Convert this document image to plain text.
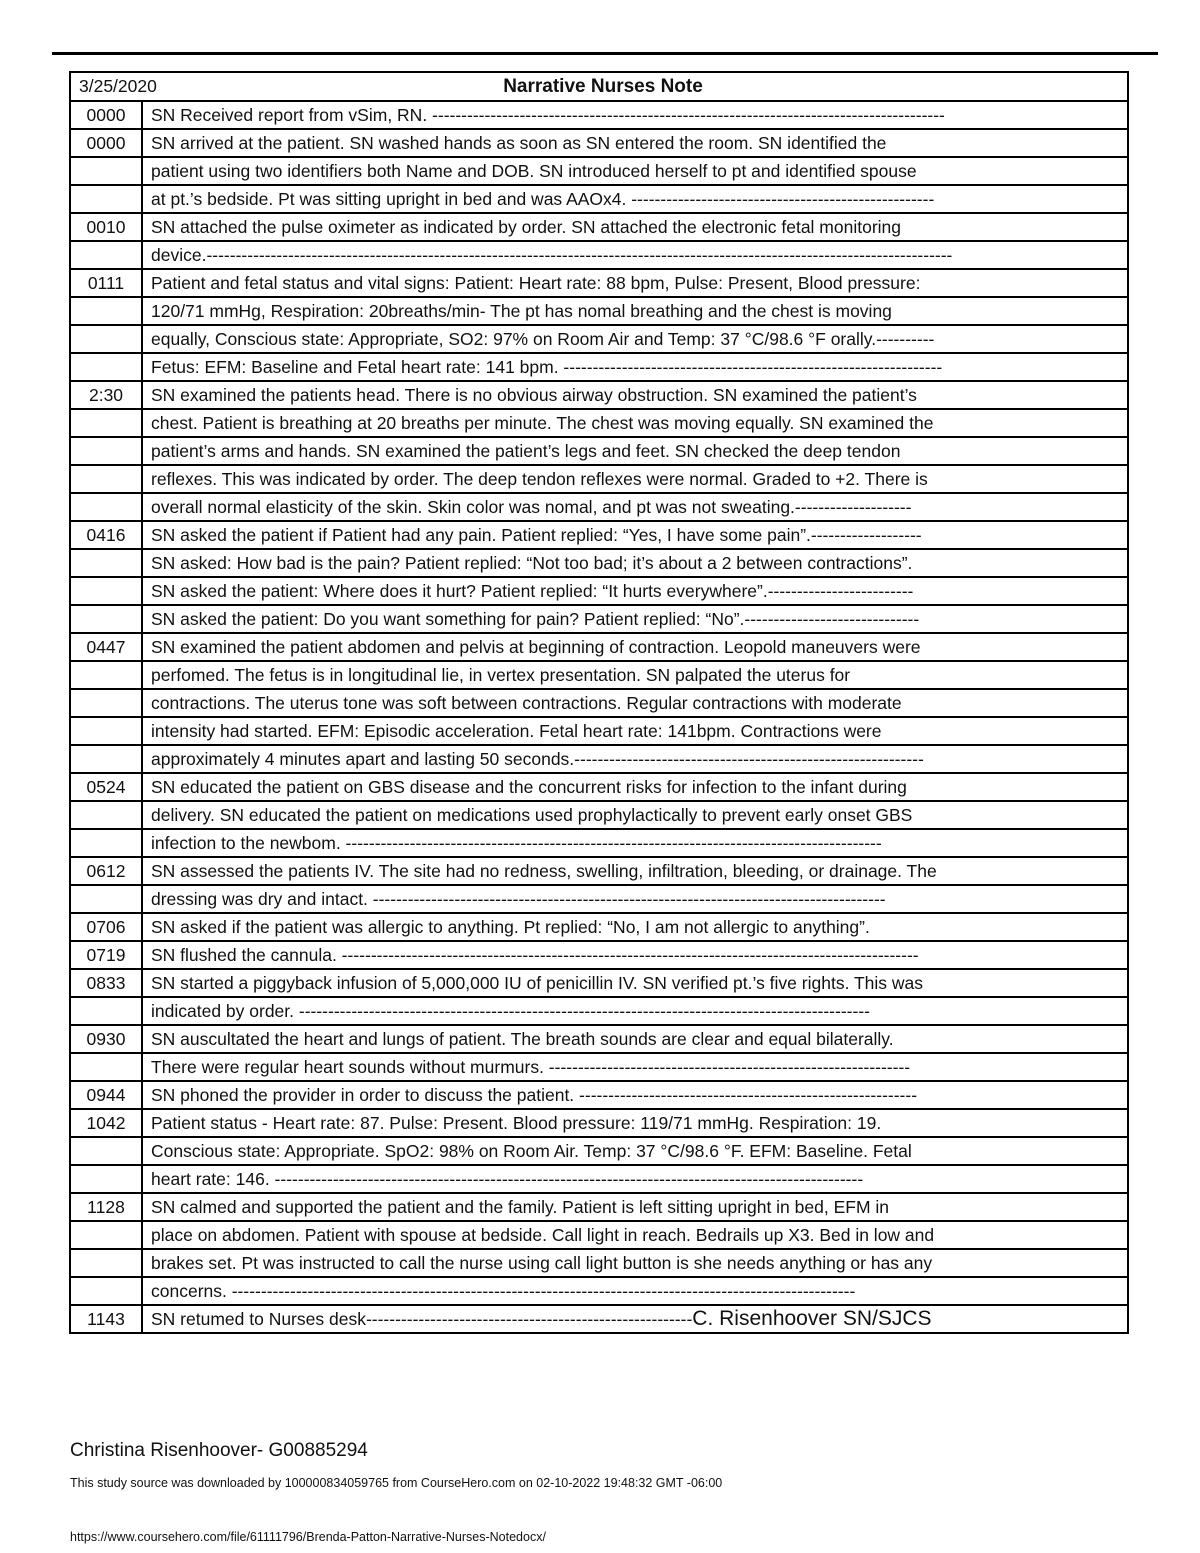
3/25/2020 Narrative Nurses Note	
0000	SN Received report from vSim, RN. ----------------------------------------------------------------------------------------
0000	SN arrived at the patient. SN washed hands as soon as SN entered the room. SN identified the
	patient using two identifiers both Name and DOB. SN introduced herself to pt and identified spouse
	at pt.’s bedside. Pt was sitting upright in bed and was AAOx4. ----------------------------------------------------
0010	SN attached the pulse oximeter as indicated by order. SN attached the electronic fetal monitoring
	device.--------------------------------------------------------------------------------------------------------------------------------
0111	Patient and fetal status and vital signs: Patient: Heart rate: 88 bpm, Pulse: Present, Blood pressure:
	120/71 mmHg, Respiration: 20breaths/min- The pt has nomal breathing and the chest is moving
	equally, Conscious state: Appropriate, SO2: 97% on Room Air and Temp: 37 °C/98.6 °F orally.----------
	Fetus: EFM: Baseline and Fetal heart rate: 141 bpm. -----------------------------------------------------------------
2:30	SN examined the patients head. There is no obvious airway obstruction. SN examined the patient’s
	chest. Patient is breathing at 20 breaths per minute. The chest was moving equally. SN examined the
	patient’s arms and hands. SN examined the patient’s legs and feet. SN checked the deep tendon
	reflexes. This was indicated by order. The deep tendon reflexes were normal. Graded to +2. There is
	overall normal elasticity of the skin. Skin color was nomal, and pt was not sweating.--------------------
0416	SN asked the patient if Patient had any pain. Patient replied: “Yes, I have some pain”.-------------------
	SN asked: How bad is the pain? Patient replied: “Not too bad; it’s about a 2 between contractions”.
	SN asked the patient: Where does it hurt? Patient replied: “It hurts everywhere”.-------------------------
	SN asked the patient: Do you want something for pain? Patient replied: “No”.------------------------------
0447	SN examined the patient abdomen and pelvis at beginning of contraction. Leopold maneuvers were
	perfomed. The fetus is in longitudinal lie, in vertex presentation. SN palpated the uterus for
	contractions. The uterus tone was soft between contractions. Regular contractions with moderate
	intensity had started. EFM: Episodic acceleration. Fetal heart rate: 141bpm. Contractions were
	approximately 4 minutes apart and lasting 50 seconds.------------------------------------------------------------
0524	SN educated the patient on GBS disease and the concurrent risks for infection to the infant during
	delivery. SN educated the patient on medications used prophylactically to prevent early onset GBS
	infection to the newbom. --------------------------------------------------------------------------------------------
0612	SN assessed the patients IV. The site had no redness, swelling, infiltration, bleeding, or drainage. The
	dressing was dry and intact. ----------------------------------------------------------------------------------------
0706	SN asked if the patient was allergic to anything. Pt replied: “No, I am not allergic to anything”.
0719	SN flushed the cannula. ---------------------------------------------------------------------------------------------------
0833	SN started a piggyback infusion of 5,000,000 IU of penicillin IV. SN verified pt.’s five rights. This was
	indicated by order. --------------------------------------------------------------------------------------------------
0930	SN auscultated the heart and lungs of patient. The breath sounds are clear and equal bilaterally.
	There were regular heart sounds without murmurs. --------------------------------------------------------------
0944	SN phoned the provider in order to discuss the patient. ----------------------------------------------------------
1042	Patient status - Heart rate: 87. Pulse: Present. Blood pressure: 119/71 mmHg. Respiration: 19.
	Conscious state: Appropriate. SpO2: 98% on Room Air. Temp: 37 °C/98.6 °F. EFM: Baseline. Fetal
	heart rate: 146. -----------------------------------------------------------------------------------------------------
1128	SN calmed and supported the patient and the family. Patient is left sitting upright in bed, EFM in
	place on abdomen. Patient with spouse at bedside. Call light in reach. Bedrails up X3. Bed in low and
	brakes set. Pt was instructed to call the nurse using call light button is she needs anything or has any
	concerns. -----------------------------------------------------------------------------------------------------------
1143	SN retumed to Nurses desk--------------------------------------------------------C. Risenhoover SN/SJCS
Christina Risenhoover- G00885294
This study source was downloaded by 100000834059765 from CourseHero.com on 02-10-2022 19:48:32 GMT -06:00
https://www.coursehero.com/file/61111796/Brenda-Patton-Narrative-Nurses-Notedocx/
